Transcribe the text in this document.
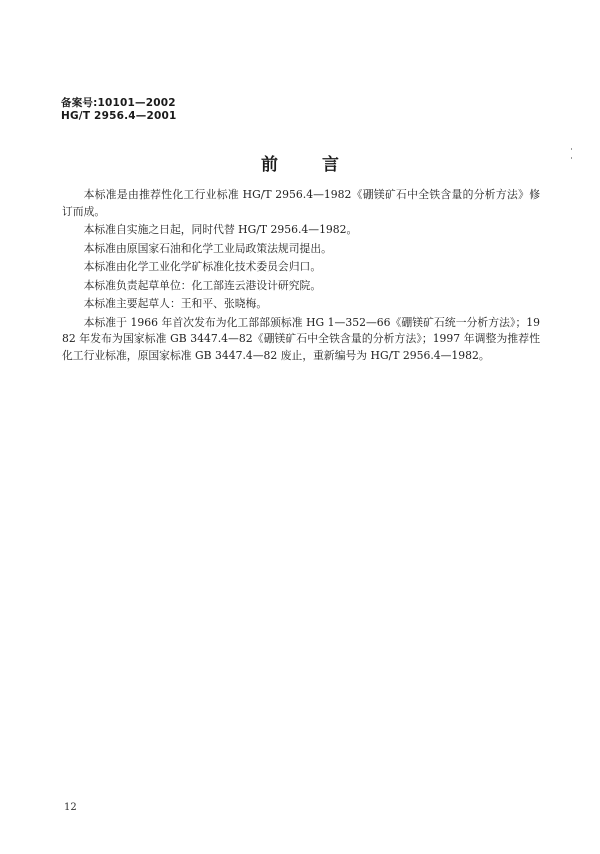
备案号:10101—2002
HG/T 2956.4—2001
前言

本标准是由推荐性化工行业标准 HG/T 2956.4—1982《硼镁矿石中全铁含量的分析方法》修订而成。

本标准自实施之日起，同时代替 HG/T 2956.4—1982。

本标准由原国家石油和化学工业局政策法规司提出。

本标准由化学工业化学矿标准化技术委员会归口。

本标准负责起草单位：化工部连云港设计研究院。

本标准主要起草人：王和平、张晓梅。

本标准于 1966 年首次发布为化工部部颁标准 HG 1—352—66《硼镁矿石统一分析方法》；1982 年发布为国家标准 GB 3447.4—82《硼镁矿石中全铁含量的分析方法》；1997 年调整为推荐性化工行业标准，原国家标准 GB 3447.4—82 废止，重新编号为 HG/T 2956.4—1982。

12
